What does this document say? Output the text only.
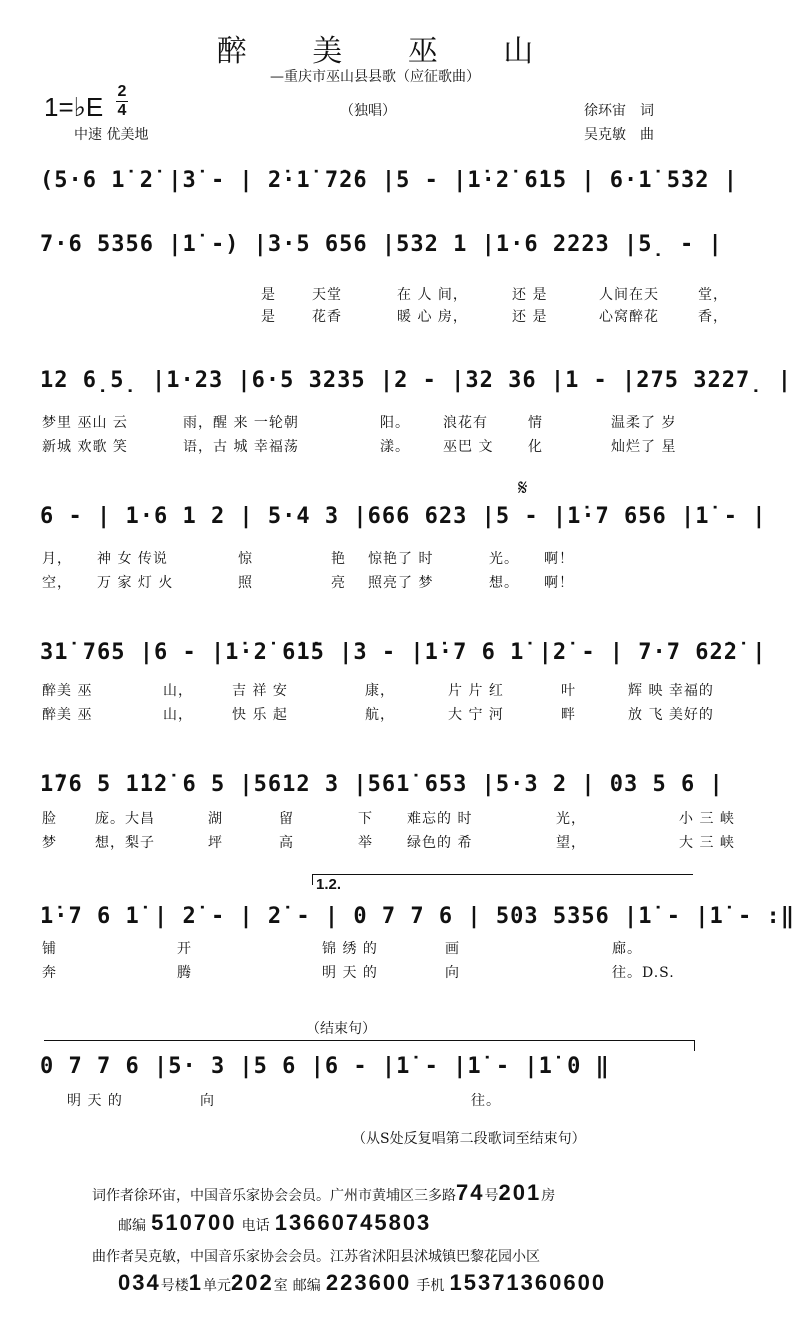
醉 美 巫 山
—重庆市巫山县县歌（应征歌曲）
1=♭E
2
4	（独唱）
中速 优美地
徐环宙　词
吴克敏　曲
(5·6 1̇ 2̇ |3̇ - | 2̇·1̇ 7̇2̇6 |5 - |1̇·2̇ 6̇1̇5 | 6·1̇ 5̇3̇2 |
7·6 5356 |1̇ -) |3·5 656 |532 1 |1·6 2223 |5̣ - |
是	天堂	在 人 间，	还 是	人间在天	堂，
是	花香	暖 心 房，	还 是	心窝醉花	香，
12 6̣5̣ |1·23 |6·5 3235 |2 - |32 36 |1 - |275 3227̣ |
梦里 巫山 云	雨，醒 来 一轮朝	阳。 浪花有	情	温柔了 岁
新城 欢歌 笑	语，古 城 幸福荡	漾。 巫巴 文 化	灿烂了 星
𝄋
6 - | 1·6 1 2 | 5·4 3 |666 623 |5 - |1̇·7 656 |1̇ - |
月， 神 女 传说	惊	艳 惊艳了 时	光。 啊！
空， 万 家 灯 火	照	亮 照亮了 梦	想。 啊！
31̇ 765 |6 - |1̇·2̇ 6̇1̇5 |3 - |1̇·7 6 1̇ |2̇ - | 7·7 62̇2̇ |
醉美 巫	山，	吉 祥 安	康，	片 片 红	叶	辉 映 幸福的
醉美 巫	山，	快 乐 起	航，	大 宁 河	畔	放 飞 美好的
1̇76 5 1̇1̇2̇ 6 5 |5612 3 |561̇ 653 |5·3 2 | 03 5 6 |
脸	庞。大昌	湖	留	下 难忘的 时	光，	小 三 峡
梦	想，梨子	坪	高	举 绿色的 希	望，	大 三 峡
1.2.
1̇·7 6 1̇ | 2̇ - | 2̇ - | 0 7 7 6 | 503 5356 |1̇ - |1̇ - :‖
铺	开	锦 绣 的	画	廊。
奔	腾	明 天 的	向	往。D.S.
（结束句）
0 7 7 6 |5· 3 |5 6 |6 - |1̇ - |1̇ - |1̇ 0 ‖
明 天 的	向	往。
（从S处反复唱第二段歌词至结束句）
词作者徐环宙，中国音乐家协会会员。广州市黄埔区三多路74号201房
邮编 510700 电话 13660745803
曲作者吴克敏，中国音乐家协会会员。江苏省沭阳县沭城镇巴黎花园小区
034号楼1单元202室 邮编 223600 手机 15371360600
